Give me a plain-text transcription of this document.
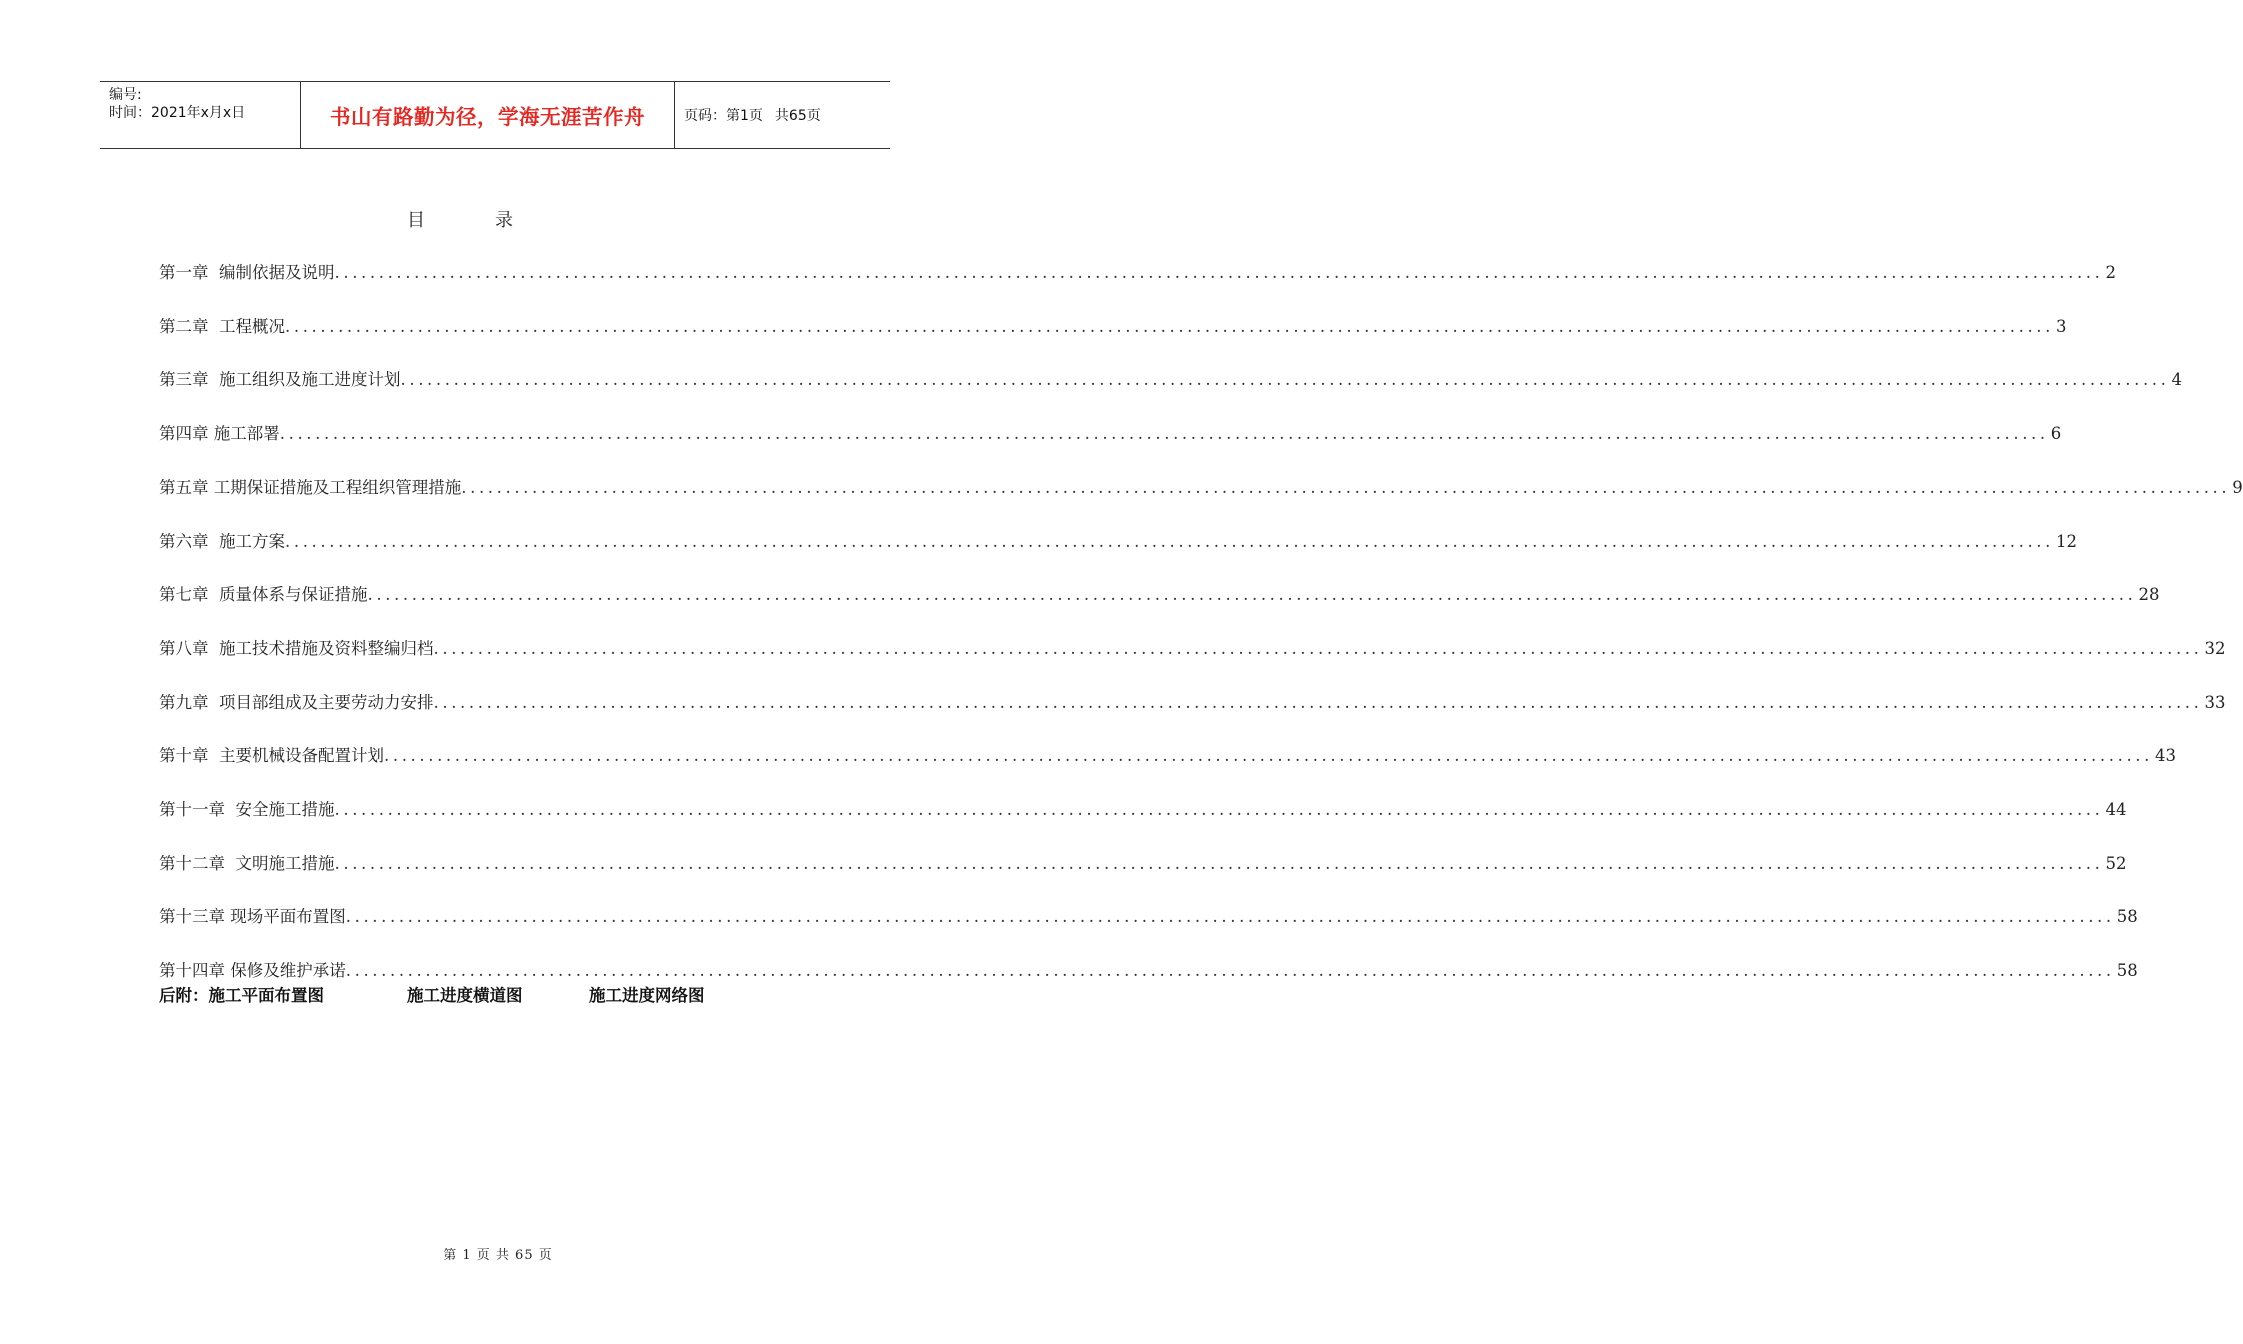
编号:
时间：2021年x月x日	书山有路勤为径，学海无涯苦作舟	页码：第1页 共65页
目录
第一章  编制依据及说明 ........................................................................................................................................................................................................ 2
第二章  工程概况 ........................................................................................................................................................................................................ 3
第三章  施工组织及施工进度计划 ........................................................................................................................................................................................................ 4
第四章 施工部署 ........................................................................................................................................................................................................ 6
第五章 工期保证措施及工程组织管理措施 ........................................................................................................................................................................................................ 9
第六章  施工方案 ........................................................................................................................................................................................................ 12
第七章  质量体系与保证措施 ........................................................................................................................................................................................................ 28
第八章  施工技术措施及资料整编归档 ........................................................................................................................................................................................................ 32
第九章  项目部组成及主要劳动力安排 ........................................................................................................................................................................................................ 33
第十章  主要机械设备配置计划 ........................................................................................................................................................................................................ 43
第十一章  安全施工措施 ........................................................................................................................................................................................................ 44
第十二章  文明施工措施 ........................................................................................................................................................................................................ 52
第十三章 现场平面布置图 ........................................................................................................................................................................................................ 58
第十四章 保修及维护承诺 ........................................................................................................................................................................................................ 58
后附：施工平面布置图	施工进度横道图	施工进度网络图
第 1 页 共 65 页
